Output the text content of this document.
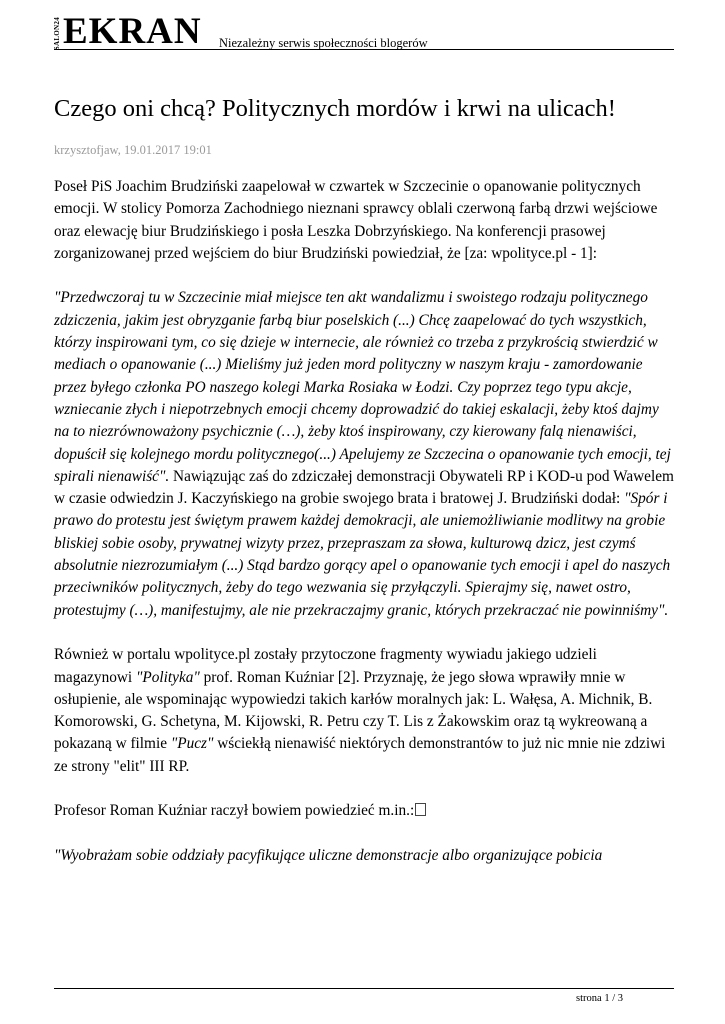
SALON24 EKRAN Niezależny serwis społeczności blogerów
Czego oni chcą? Politycznych mordów i krwi na ulicach!
krzysztofjaw, 19.01.2017 19:01

Poseł PiS Joachim Brudziński zaapelował w czwartek w Szczecinie o opanowanie politycznych emocji. W stolicy Pomorza Zachodniego nieznani sprawcy oblali czerwoną farbą drzwi wejściowe oraz elewację biur Brudzińskiego i posła Leszka Dobrzyńskiego. Na konferencji prasowej zorganizowanej przed wejściem do biur Brudziński powiedział, że [za: wpolityce.pl - 1]:

"Przedwczoraj tu w Szczecinie miał miejsce ten akt wandalizmu i swoistego rodzaju politycznego zdziczenia, jakim jest obryzganie farbą biur poselskich (...) Chcę zaapelować do tych wszystkich, którzy inspirowani tym, co się dzieje w internecie, ale również co trzeba z przykrością stwierdzić w mediach o opanowanie (...) Mieliśmy już jeden mord polityczny w naszym kraju - zamordowanie przez byłego członka PO naszego kolegi Marka Rosiaka w Łodzi. Czy poprzez tego typu akcje, wzniecanie złych i niepotrzebnych emocji chcemy doprowadzić do takiej eskalacji, żeby ktoś dajmy na to niezrównoważony psychicznie (…), żeby ktoś inspirowany, czy kierowany falą nienawiści, dopuścił się kolejnego mordu politycznego(...) Apelujemy ze Szczecina o opanowanie tych emocji, tej spirali nienawiść". Nawiązując zaś do zdziczałej demonstracji Obywateli RP i KOD-u pod Wawelem w czasie odwiedzin J. Kaczyńskiego na grobie swojego brata i bratowej J. Brudziński dodał: "Spór i prawo do protestu jest świętym prawem każdej demokracji, ale uniemożliwianie modlitwy na grobie bliskiej sobie osoby, prywatnej wizyty przez, przepraszam za słowa, kulturową dzicz, jest czymś absolutnie niezrozumiałym (...) Stąd bardzo gorący apel o opanowanie tych emocji i apel do naszych przeciwników politycznych, żeby do tego wezwania się przyłączyli. Spierajmy się, nawet ostro, protestujmy (…), manifestujmy, ale nie przekraczajmy granic, których przekraczać nie powinniśmy".

Również w portalu wpolityce.pl zostały przytoczone fragmenty wywiadu jakiego udzieli magazynowi "Polityka" prof. Roman Kuźniar [2]. Przyznaję, że jego słowa wprawiły mnie w osłupienie, ale wspominając wypowiedzi takich karłów moralnych jak: L. Wałęsa, A. Michnik, B. Komorowski, G. Schetyna, M. Kijowski, R. Petru czy T. Lis z Żakowskim oraz tą wykreowaną a pokazaną w filmie "Pucz" wściekłą nienawiść niektórych demonstrantów to już nic mnie nie zdziwi ze strony "elit" III RP.

Profesor Roman Kuźniar raczył bowiem powiedzieć m.in.:

"Wyobrażam sobie oddziały pacyfikujące uliczne demonstracje albo organizujące pobicia

strona 1 / 3
